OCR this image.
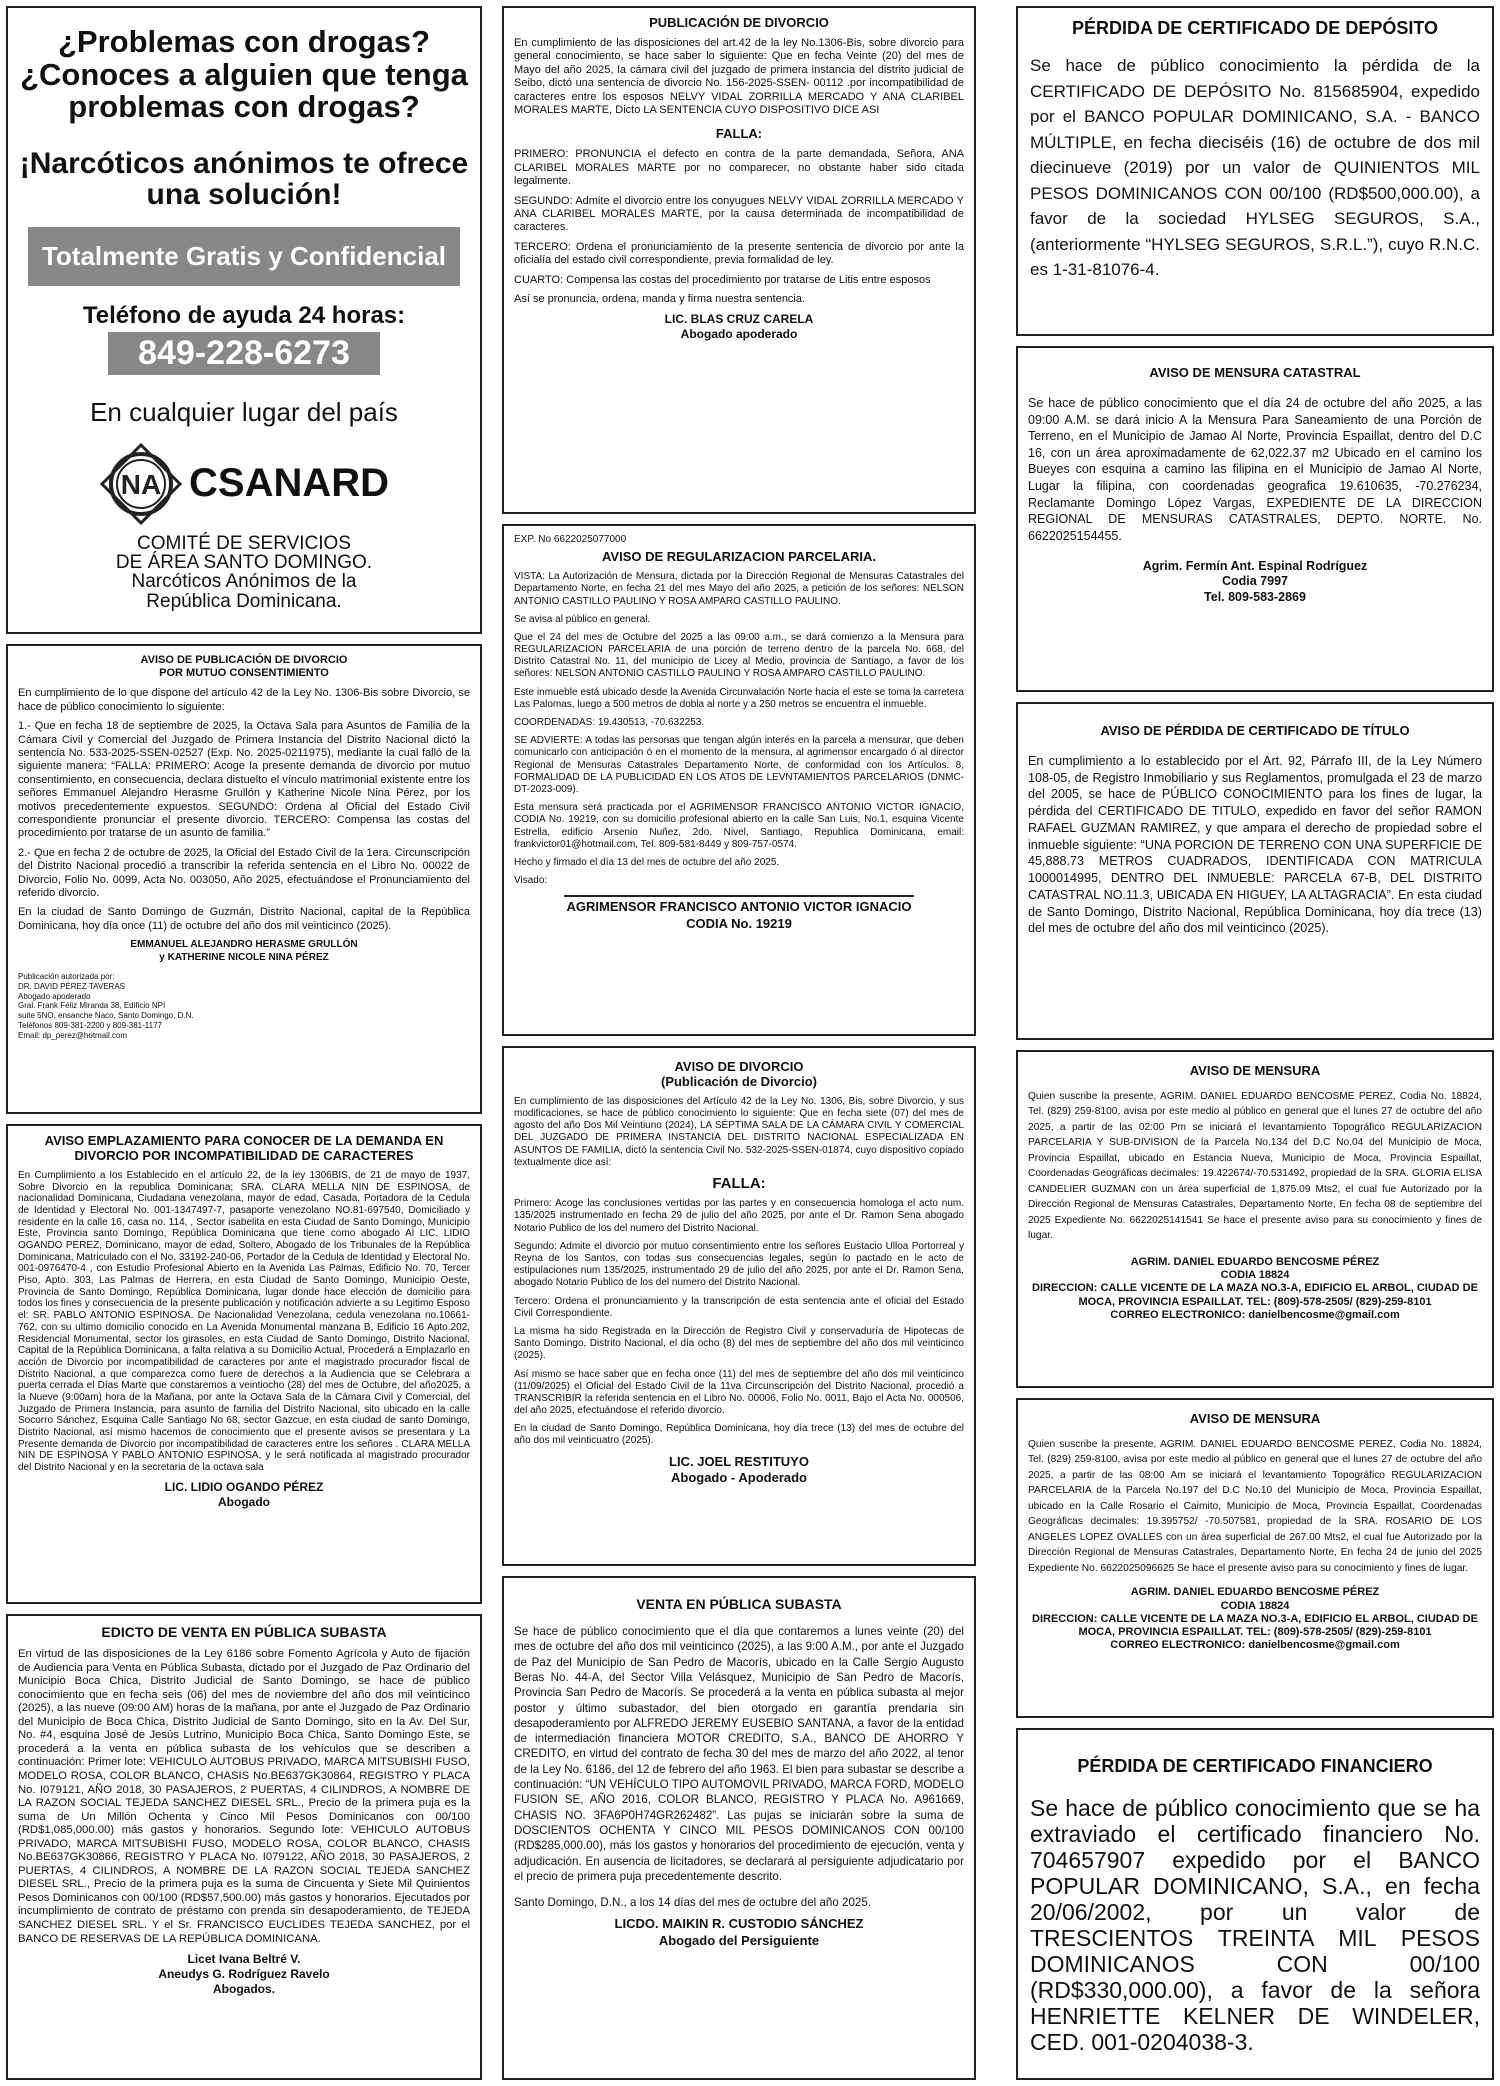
¿Problemas con drogas? ¿Conoces a alguien que tenga problemas con drogas?
¡Narcóticos anónimos te ofrece una solución!
Totalmente Gratis y Confidencial
Teléfono de ayuda 24 horas:
849-228-6273
En cualquier lugar del país
NA CSANARD
COMITÉ DE SERVICIOS
DE ÁREA SANTO DOMINGO.
Narcóticos Anónimos de la
República Dominicana.
AVISO DE PUBLICACIÓN DE DIVORCIO
POR MUTUO CONSENTIMIENTO
En cumplimiento de lo que dispone del artículo 42 de la Ley No. 1306-Bis sobre Divorcio, se hace de público conocimiento lo siguiente:
1.- Que en fecha 18 de septiembre de 2025, la Octava Sala para Asuntos de Familia de la Cámara Civil y Comercial del Juzgado de Primera Instancia del Distrito Nacional dictó la sentencia No. 533-2025-SSEN-02527 (Exp. No. 2025-0211975), mediante la cual falló de la siguiente manera: “FALLA: PRIMERO: Acoge la presente demanda de divorcio por mutuo consentimiento, en consecuencia, declara distuelto el vínculo matrimonial existente entre los señores Emmanuel Alejandro Herasme Grullón y Katherine Nicole Nina Pérez, por los motivos precedentemente expuestos. SEGUNDO: Ordena al Oficial del Estado Civil correspondiente pronunciar el presente divorcio. TERCERO: Compensa las costas del procedimiento por tratarse de un asunto de familia.”
2.- Que en fecha 2 de octubre de 2025, la Oficial del Estado Civil de la 1era. Circunscripción del Distrito Nacional procedió a transcribir la referida sentencia en el Libro No. 00022 de Divorcio, Folio No. 0099, Acta No. 003050, Año 2025, efectuándose el Pronunciamiento del referido divorcio.
En la ciudad de Santo Domingo de Guzmán, Distrito Nacional, capital de la República Dominicana, hoy día once (11) de octubre del año dos mil veinticinco (2025).
EMMANUEL ALEJANDRO HERASME GRULLÓN
y KATHERINE NICOLE NINA PÉREZ
Publicación autorizada por:
DR. DAVID PÉREZ TAVERAS
Abogado apoderado
Gral. Frank Féliz Miranda 38, Edificio NPI
suite 5NO, ensanche Naco, Santo Domingo, D.N.
Teléfonos 809-381-2200 y 809-381-1177
Email: dp_perez@hotmail.com
AVISO EMPLAZAMIENTO PARA CONOCER DE LA DEMANDA EN DIVORCIO POR INCOMPATIBILIDAD DE CARACTERES
En Cumplimiento a los Establecido en el artículo 22, de la ley 1306BIS, de 21 de mayo de 1937, Sobre Divorcio en la republica Dominicana; SRA. CLARA MELLA NIN DE ESPINOSA, de nacionalidad Dominicana, Ciudadana venezolana, mayor de edad, Casada, Portadora de la Cedula de Identidad y Electoral No. 001-1347497-7, pasaporte venezolano NO.81-697540, Domiciliado y residente en la calle 16, casa no. 114, , Sector isabelita en esta Ciudad de Santo Domingo, Municipio Este, Provincia santo Domingo, República Dominicana que tiene como abogado Al LIC. LIDIO OGANDO PEREZ, Dominicano, mayor de edad, Soltero, Abogado de los Tribunales de la República Dominicana, Matriculado con el No. 33192-240-06, Portador de la Cedula de Identidad y Electoral No. 001-0976470-4 , con Estudio Profesional Abierto en la Avenida Las Palmas, Edificio No. 70, Tercer Piso, Apto. 303, Las Palmas de Herrera, en esta Ciudad de Santo Domingo, Municipio Oeste, Provincia de Santo Domingo, República Dominicana, lugar donde hace elección de domicilio para todos los fines y consecuencia de la presente publicación y notificación advierte a su Legitimo Esposo el: SR. PABLO ANTONIO ESPINOSA. De Nacionalidad Venezolana, cedula venezolana no.10661-762, con su ultimo domicilio conocido en La Avenida Monumental manzana B, Edificio 16 Apto.202, Residencial Monumental, sector los girasoles, en esta Ciudad de Santo Domingo, Distrito Nacional, Capital de la República Dominicana, a falta relativa a su Domicilio Actual, Procederá a Emplazarlo en acción de Divorcio por incompatibilidad de caracteres por ante el magistrado procurador fiscal de Distrito Nacional, a que comparezca como fuere de derechos a la Audiencia que se Celebrara a puerta cerrada el Días Marte que constaremos a veintiocho (28) del mes de Octubre, del año2025, a la Nueve (9:00am) hora de la Mañana, por ante la Octava Sala de la Cámara Civil y Comercial, del Juzgado de Primera Instancia, para asunto de familia del Distrito Nacional, sito ubicado en la calle Socorro Sánchez, Esquina Calle Santiago No 68, sector Gazcue, en esta ciudad de santo Domingo, Distrito Nacional, así mismo hacemos de conocimiento que el presente avisos se presentara y La Presente demanda de Divorcio por incompatibilidad de caracteres entre los señores . CLARA MELLA NIN DE ESPINOSA Y PABLO ANTONIO ESPINOSA, y le será notificada al magistrado procurador del Distrito Nacional y en la secretaria de la octava sala
LIC. LIDIO OGANDO PÉREZ
Abogado
EDICTO DE VENTA EN PÚBLICA SUBASTA
En virtud de las disposiciones de la Ley 6186 sobre Fomento Agrícola y Auto de fijación de Audiencia para Venta en Pública Subasta, dictado por el Juzgado de Paz Ordinario del Municipio Boca Chica, Distrito Judicial de Santo Domingo, se hace de público conocimiento que en fecha seis (06) del mes de noviembre del año dos mil veinticinco (2025), a las nueve (09:00 AM) horas de la mañana, por ante el Juzgado de Paz Ordinario del Municipio de Boca Chica, Distrito Judicial de Santo Domingo, sito en la Av. Del Sur, No. #4, esquina José de Jesús Lutrino, Municipio Boca Chica, Santo Domingo Este, se procederá a la venta en pública subasta de los vehículos que se describen a continuación: Primer lote: VEHICULO AUTOBUS PRIVADO, MARCA MITSUBISHI FUSO, MODELO ROSA, COLOR BLANCO, CHASIS No.BE637GK30864, REGISTRO Y PLACA No. I079121, AÑO 2018, 30 PASAJEROS, 2 PUERTAS, 4 CILINDROS, A NOMBRE DE LA RAZON SOCIAL TEJEDA SANCHEZ DIESEL SRL., Precio de la primera puja es la suma de Un Millón Ochenta y Cinco Mil Pesos Dominicanos con 00/100 (RD$1,085,000.00) más gastos y honorarios. Segundo lote: VEHICULO AUTOBUS PRIVADO, MARCA MITSUBISHI FUSO, MODELO ROSA, COLOR BLANCO, CHASIS No.BE637GK30866, REGISTRO Y PLACA No. I079122, AÑO 2018, 30 PASAJEROS, 2 PUERTAS, 4 CILINDROS, A NOMBRE DE LA RAZON SOCIAL TEJEDA SANCHEZ DIESEL SRL., Precio de la primera puja es la suma de Cincuenta y Siete Mil Quinientos Pesos Dominicanos con 00/100 (RD$57,500.00) más gastos y honorarios. Ejecutados por incumplimiento de contrato de préstamo con prenda sin desapoderamiento, de TEJEDA SANCHEZ DIESEL SRL. Y el Sr. FRANCISCO EUCLIDES TEJEDA SANCHEZ, por el BANCO DE RESERVAS DE LA REPÚBLICA DOMINICANA.
Licet Ivana Beltré V.
Aneudys G. Rodríguez Ravelo
Abogados.
PUBLICACIÓN DE DIVORCIO
En cumplimiento de las disposiciones del art.42 de la ley No.1306-Bis, sobre divorcio para general conocimiento, se hace saber lo siguiente: Que en fecha Veinte (20) del mes de Mayo del año 2025, la cámara civil del juzgado de primera instancia del distrito judicial de Seibo, dictó una sentencia de divorcio No. 156-2025-SSEN- 00112 .por incompatibilidad de caracteres entre los esposos NELVY VIDAL ZORRILLA MERCADO Y ANA CLARIBEL MORALES MARTE, Dicto LA SENTENCIA CUYO DISPOSITIVO DICE ASI
FALLA:
PRIMERO: PRONUNCIA el defecto en contra de la parte demandada, Señora, ANA CLARIBEL MORALES MARTE por no comparecer, no obstante haber sido citada legalmente.
SEGUNDO: Admite el divorcio entre los conyugues NELVY VIDAL ZORRILLA MERCADO Y ANA CLARIBEL MORALES MARTE, por la causa determinada de incompatibilidad de caracteres.
TERCERO: Ordena el pronunciamiento de la presente sentencia de divorcio por ante la oficialía del estado civil correspondiente, previa formalidad de ley.
CUARTO: Compensa las costas del procedimiento por tratarse de Litis entre esposos
Así se pronuncia, ordena, manda y firma nuestra sentencia.
LIC. BLAS CRUZ CARELA
Abogado apoderado
EXP. No 6622025077000
AVISO DE REGULARIZACION PARCELARIA.
VISTA: La Autorización de Mensura, dictada por la Dirección Regional de Mensuras Catastrales del Departamento Norte, en fecha 21 del mes Mayo del año 2025, a petición de los señores: NELSON ANTONIO CASTILLO PAULINO Y ROSA AMPARO CASTILLO PAULINO.
Se avisa al público en general.
Que el 24 del mes de Octubre del 2025 a las 09:00 a.m., se dará comienzo a la Mensura para REGULARIZACION PARCELARIA de una porción de terreno dentro de la parcela No. 668, del Distrito Catastral No. 11, del municipio de Licey al Medio, provincia de Santiago, a favor de los señores: NELSON ANTONIO CASTILLO PAULINO Y ROSA AMPARO CASTILLO PAULINO.
Este inmueble está ubicado desde la Avenida Circunvalación Norte hacia el este se toma la carretera Las Palomas, luego a 500 metros de dobla al norte y a 250 metros se encuentra el inmueble.
COORDENADAS: 19.430513, -70.632253.
SE ADVIERTE: A todas las personas que tengan algún interés en la parcela a mensurar, que deben comunicarlo con anticipación ó en el momento de la mensura, al agrimensor encargado ó al director Regional de Mensuras Catastrales Departamento Norte, de conformidad con los Artículos. 8, FORMALIDAD DE LA PUBLICIDAD EN LOS ATOS DE LEVNTAMIENTOS PARCELARIOS (DNMC-DT-2023-009).
Esta mensura será practicada por el AGRIMENSOR FRANCISCO ANTONIO VICTOR IGNACIO, CODIA No. 19219, con su domicilio profesional abierto en la calle San Luis, No.1, esquina Vicente Estrella, edificio Arsenio Nuñez, 2do. Nivel, Santiago, Republica Dominicana, email: frankvictor01@hotmail.com, Tel. 809-581-8449 y 809-757-0574.
Hecho y firmado el día 13 del mes de octubre del año 2025.
Visado:
AGRIMENSOR FRANCISCO ANTONIO VICTOR IGNACIO
CODIA No. 19219
AVISO DE DIVORCIO
(Publicación de Divorcio)
En cumplimiento de las disposiciones del Artículo 42 de la Ley No. 1306, Bis, sobre Divorcio, y sus modificaciones, se hace de público conocimiento lo siguiente: Que en fecha siete (07) del mes de agosto del año Dos Mil Veintiuno (2024), LA SÉPTIMA SALA DE LA CÁMARA CIVIL Y COMERCIAL DEL JUZGADO DE PRIMERA INSTANCIA DEL DISTRITO NACIONAL ESPECIALIZADA EN ASUNTOS DE FAMILIA, dictó la sentencia Civil No. 532-2025-SSEN-01874, cuyo dispositivo copiado textualmente dice así:
FALLA:
Primero: Acoge las conclusiones vertidas por las partes y en consecuencia homologa el acto num. 135/2025 instrumentado en fecha 29 de julio del año 2025, por ante el Dr. Ramon Sena abogado Notario Publico de los del numero del Distrito Nacional.
Segundo: Admite el divorcio por mutuo consentimiento entre los señores Eustacio Ulloa Portorreal y Reyna de los Santos, con todas sus consecuencias legales, según lo pactado en le acto de estipulaciones num 135/2025, instrumentado 29 de julio del año 2025, por ante el Dr. Ramon Sena, abogado Notario Publico de los del numero del Distrito Nacional.
Tercero: Ordena el pronunciamiento y la transcripción de esta sentencia ante el oficial del Estado Civil Correspondiente.
La misma ha sido Registrada en la Dirección de Registro Civil y conservaduría de Hipotecas de Santo Domingo, Distrito Nacional, el día ocho (8) del mes de septiembre del año dos mil veinticinco (2025).
Así mismo se hace saber que en fecha once (11) del mes de septiembre del año dos mil veinticinco (11/09/2025) el Oficial del Estado Civil de la 11va Circunscripción del Distrito Nacional, procedió a TRANSCRIBIR la referida sentencia en el Libro No. 00006, Folio No. 0011, Bajo el Acta No. 000506, del año 2025, efectuándose el referido divorcio.
En la ciudad de Santo Domingo, República Dominicana, hoy día trece (13) del mes de octubre del año dos mil veinticuatro (2025).
LIC. JOEL RESTITUYO
Abogado - Apoderado
VENTA EN PÚBLICA SUBASTA
Se hace de público conocimiento que el día que contaremos a lunes veinte (20) del mes de octubre del año dos mil veinticinco (2025), a las 9:00 A.M., por ante el Juzgado de Paz del Municipio de San Pedro de Macorís, ubicado en la Calle Sergio Augusto Beras No. 44-A, del Sector Villa Velásquez, Municipio de San Pedro de Macorís, Provincia San Pedro de Macorís. Se procederá a la venta en pública subasta al mejor postor y último subastador, del bien otorgado en garantía prendaria sin desapoderamiento por ALFREDO JEREMY EUSEBIO SANTANA, a favor de la entidad de intermediación financiera MOTOR CREDITO, S.A., BANCO DE AHORRO Y CREDITO, en virtud del contrato de fecha 30 del mes de marzo del año 2022, al tenor de la Ley No. 6186, del 12 de febrero del año 1963. El bien para subastar se describe a continuación: “UN VEHÍCULO TIPO AUTOMOVIL PRIVADO, MARCA FORD, MODELO FUSION SE, AÑO 2016, COLOR BLANCO, REGISTRO Y PLACA No. A961669, CHASIS NO. 3FA6P0H74GR262482”. Las pujas se iniciarán sobre la suma de DOSCIENTOS OCHENTA Y CINCO MIL PESOS DOMINICANOS CON 00/100 (RD$285,000.00), más los gastos y honorarios del procedimiento de ejecución, venta y adjudicación. En ausencia de licitadores, se declarará al persiguiente adjudicatario por el precio de primera puja precedentemente descrito.
Santo Domingo, D.N., a los 14 días del mes de octubre del año 2025.
LICDO. MAIKIN R. CUSTODIO SÁNCHEZ
Abogado del Persiguiente
PÉRDIDA DE CERTIFICADO DE DEPÓSITO
Se hace de público conocimiento la pérdida de la CERTIFICADO DE DEPÓSITO No. 815685904, expedido por el BANCO POPULAR DOMINICANO, S.A. - BANCO MÚLTIPLE, en fecha dieciséis (16) de octubre de dos mil diecinueve (2019) por un valor de QUINIENTOS MIL PESOS DOMINICANOS CON 00/100 (RD$500,000.00), a favor de la sociedad HYLSEG SEGUROS, S.A., (anteriormente “HYLSEG SEGUROS, S.R.L.”), cuyo R.N.C. es 1-31-81076-4.
AVISO DE MENSURA CATASTRAL
Se hace de público conocimiento que el día 24 de octubre del año 2025, a las 09:00 A.M. se dará inicio A la Mensura Para Saneamiento de una Porción de Terreno, en el Municipio de Jamao Al Norte, Provincia Espaillat, dentro del D.C 16, con un área aproximadamente de 62,022.37 m2 Ubicado en el camino los Bueyes con esquina a camino las filipina en el Municipio de Jamao Al Norte, Lugar la filipina, con coordenadas geografica 19.610635, -70.276234, Reclamante Domingo López Vargas, EXPEDIENTE DE LA DIRECCION REGIONAL DE MENSURAS CATASTRALES, DEPTO. NORTE. No. 6622025154455.
Agrim. Fermín Ant. Espinal Rodríguez
Codia 7997
Tel. 809-583-2869
AVISO DE PÉRDIDA DE CERTIFICADO DE TÍTULO
En cumplimiento a lo establecido por el Art. 92, Párrafo III, de la Ley Número 108-05, de Registro Inmobiliario y sus Reglamentos, promulgada el 23 de marzo del 2005, se hace de PÚBLICO CONOCIMIENTO para los fines de lugar, la pérdida del CERTIFICADO DE TITULO, expedido en favor del señor RAMON RAFAEL GUZMAN RAMIREZ, y que ampara el derecho de propiedad sobre el inmueble siguiente: “UNA PORCION DE TERRENO CON UNA SUPERFICIE DE 45,888.73 METROS CUADRADOS, IDENTIFICADA CON MATRICULA 1000014995, DENTRO DEL INMUEBLE: PARCELA 67-B, DEL DISTRITO CATASTRAL NO.11.3, UBICADA EN HIGUEY, LA ALTAGRACIA”. En esta ciudad de Santo Domingo, Distrito Nacional, República Dominicana, hoy día trece (13) del mes de octubre del año dos mil veinticinco (2025).
AVISO DE MENSURA
Quien suscribe la presente, AGRIM. DANIEL EDUARDO BENCOSME PEREZ, Codia No. 18824, Tel. (829) 259-8100, avisa por este medio al público en general que el lunes 27 de octubre del año 2025, a partir de las 02:00 Pm se iniciará el levantamiento Topográfico REGULARIZACION PARCELARIA Y SUB-DIVISION de la Parcela No.134 del D.C No.04 del Municipio de Moca, Provincia Espaillat, ubicado en Estancia Nueva, Municipio de Moca, Provincia Espaillat, Coordenadas Geográficas decimales: 19.422674/-70.531492, propiedad de la SRA. GLORIA ELISA CANDELIER GUZMAN con un área superficial de 1,875.09 Mts2, el cual fue Autorizado por la Dirección Regional de Mensuras Catastrales, Departamento Norte, En fecha 08 de septiembre del 2025 Expediente No. 6622025141541 Se hace el presente aviso para su conocimiento y fines de lugar.
AGRIM. DANIEL EDUARDO BENCOSME PÉREZ
CODIA 18824
DIRECCION: CALLE VICENTE DE LA MAZA NO.3-A, EDIFICIO EL ARBOL, CIUDAD DE MOCA, PROVINCIA ESPAILLAT. TEL: (809)-578-2505/ (829)-259-8101
CORREO ELECTRONICO: danielbencosme@gmail.com
AVISO DE MENSURA
Quien suscribe la presente, AGRIM. DANIEL EDUARDO BENCOSME PEREZ, Codia No. 18824, Tel. (829) 259-8100, avisa por este medio al público en general que el lunes 27 de octubre del año 2025, a partir de las 08:00 Am se iniciará el levantamiento Topográfico REGULARIZACION PARCELARIA de la Parcela No.197 del D.C No.10 del Municipio de Moca, Provincia Espaillat, ubicado en la Calle Rosario el Caimito, Municipio de Moca, Provincia Espaillat, Coordenadas Geográficas decimales: 19.395752/ -70.507581, propiedad de la SRA. ROSARIO DE LOS ANGELES LOPEZ OVALLES con un área superficial de 267.00 Mts2, el cual fue Autorizado por la Dirección Regional de Mensuras Catastrales, Departamento Norte, En fecha 24 de junio del 2025 Expediente No. 6622025096625 Se hace el presente aviso para su conocimiento y fines de lugar.
AGRIM. DANIEL EDUARDO BENCOSME PÉREZ
CODIA 18824
DIRECCION: CALLE VICENTE DE LA MAZA NO.3-A, EDIFICIO EL ARBOL, CIUDAD DE MOCA, PROVINCIA ESPAILLAT. TEL: (809)-578-2505/ (829)-259-8101
CORREO ELECTRONICO: danielbencosme@gmail.com
PÉRDIDA DE CERTIFICADO FINANCIERO
Se hace de público conocimiento que se ha extraviado el certificado financiero No. 704657907 expedido por el BANCO POPULAR DOMINICANO, S.A., en fecha 20/06/2002, por un valor de TRESCIENTOS TREINTA MIL PESOS DOMINICANOS CON 00/100 (RD$330,000.00), a favor de la señora HENRIETTE KELNER DE WINDELER, CED. 001-0204038-3.
